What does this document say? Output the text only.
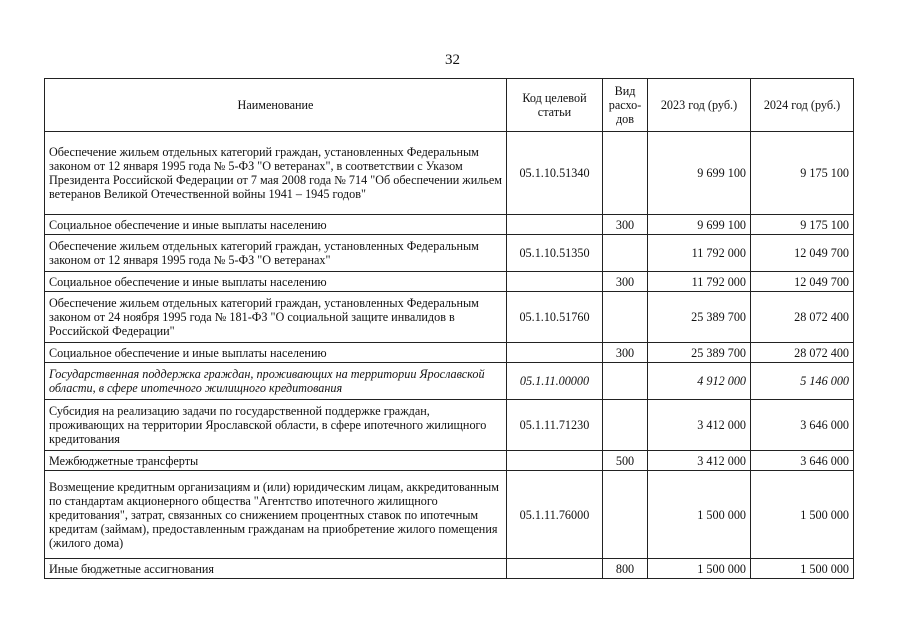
32
Наименование	Код целевой статьи	Вид расхо-дов	2023 год (руб.)	2024 год (руб.)
Обеспечение жильем отдельных категорий граждан, установленных Федеральным законом от 12 января 1995 года № 5-ФЗ "О ветеранах", в соответствии с Указом Президента Российской Федерации от 7 мая 2008 года № 714 "Об обеспечении жильем ветеранов Великой Отечественной войны 1941 – 1945 годов"	05.1.10.51340		9 699 100	9 175 100
Социальное обеспечение и иные выплаты населению		300	9 699 100	9 175 100
Обеспечение жильем отдельных категорий граждан, установленных Федеральным законом от 12 января 1995 года № 5-ФЗ "О ветеранах"	05.1.10.51350		11 792 000	12 049 700
Социальное обеспечение и иные выплаты населению		300	11 792 000	12 049 700
Обеспечение жильем отдельных категорий граждан, установленных Федеральным законом от 24 ноября 1995 года № 181-ФЗ "О социальной защите инвалидов в Российской Федерации"	05.1.10.51760		25 389 700	28 072 400
Социальное обеспечение и иные выплаты населению		300	25 389 700	28 072 400
Государственная поддержка граждан, проживающих на территории Ярославской области, в сфере ипотечного жилищного кредитования	05.1.11.00000		4 912 000	5 146 000
Субсидия на реализацию задачи по государственной поддержке граждан, проживающих на территории Ярославской области, в сфере ипотечного жилищного кредитования	05.1.11.71230		3 412 000	3 646 000
Межбюджетные трансферты		500	3 412 000	3 646 000
Возмещение кредитным организациям и (или) юридическим лицам, аккредитованным по стандартам акционерного общества "Агентство ипотечного жилищного кредитования", затрат, связанных со снижением процентных ставок по ипотечным кредитам (займам), предоставленным гражданам на приобретение жилого помещения (жилого дома)	05.1.11.76000		1 500 000	1 500 000
Иные бюджетные ассигнования		800	1 500 000	1 500 000
